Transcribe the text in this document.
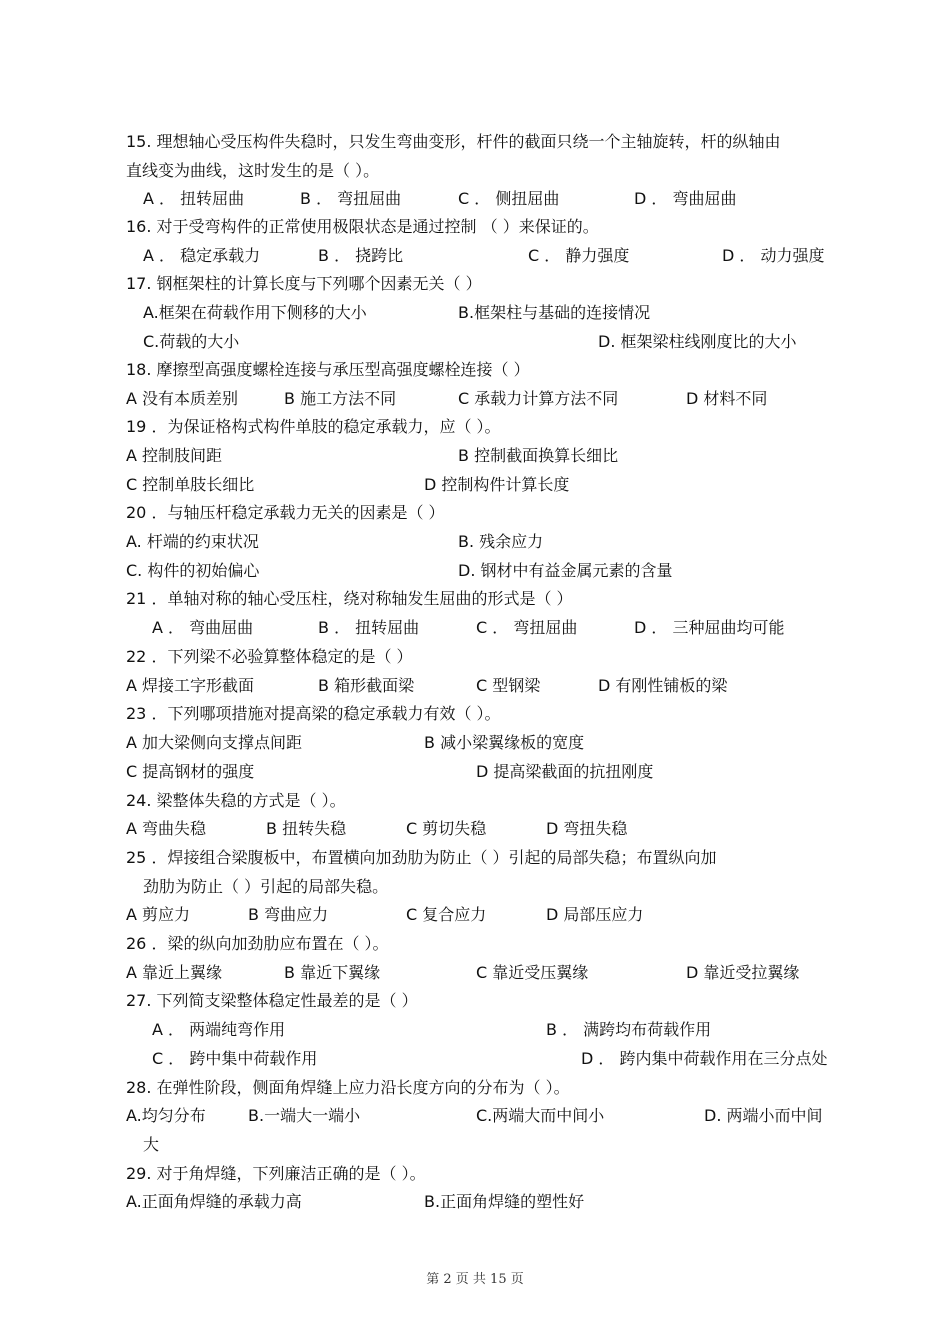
15. 理想轴心受压构件失稳时，只发生弯曲变形，杆件的截面只绕一个主轴旋转，杆的纵轴由
直线变为曲线，这时发生的是（ ）。
A ． 扭转屈曲	B ． 弯扭屈曲	C ． 侧扭屈曲	D ． 弯曲屈曲
16. 对于受弯构件的正常使用极限状态是通过控制 （ ）来保证的。
A ． 稳定承载力	B ． 挠跨比	C ． 静力强度	D ． 动力强度
17. 钢框架柱的计算长度与下列哪个因素无关（ ）
A.框架在荷载作用下侧移的大小	B.框架柱与基础的连接情况
C.荷载的大小	D. 框架梁柱线刚度比的大小
18. 摩擦型高强度螺栓连接与承压型高强度螺栓连接（ ）
A 没有本质差别	B 施工方法不同	C 承载力计算方法不同	D 材料不同
19 ．为保证格构式构件单肢的稳定承载力，应（ ）。
A 控制肢间距	B 控制截面换算长细比
C 控制单肢长细比	D 控制构件计算长度
20 ．与轴压杆稳定承载力无关的因素是（ ）
A. 杆端的约束状况	B. 残余应力
C. 构件的初始偏心	D. 钢材中有益金属元素的含量
21 ．单轴对称的轴心受压柱，绕对称轴发生屈曲的形式是（ ）
A ． 弯曲屈曲	B ． 扭转屈曲	C ． 弯扭屈曲	D ． 三种屈曲均可能
22 ．下列梁不必验算整体稳定的是（ ）
A 焊接工字形截面	B 箱形截面梁	C 型钢梁	D 有刚性铺板的梁
23 ．下列哪项措施对提高梁的稳定承载力有效（ ）。
A 加大梁侧向支撑点间距	B 减小梁翼缘板的宽度
C 提高钢材的强度	D 提高梁截面的抗扭刚度
24. 梁整体失稳的方式是（ ）。
A 弯曲失稳	B 扭转失稳	C 剪切失稳	D 弯扭失稳
25 ．焊接组合梁腹板中，布置横向加劲肋为防止（ ）引起的局部失稳；布置纵向加
劲肋为防止（ ）引起的局部失稳。
A 剪应力	B 弯曲应力	C 复合应力	D 局部压应力
26 ．梁的纵向加劲肋应布置在（ ）。
A 靠近上翼缘	B 靠近下翼缘	C 靠近受压翼缘	D 靠近受拉翼缘
27. 下列简支梁整体稳定性最差的是（ ）
A ． 两端纯弯作用	B ． 满跨均布荷载作用
C ． 跨中集中荷载作用	D ． 跨内集中荷载作用在三分点处
28. 在弹性阶段，侧面角焊缝上应力沿长度方向的分布为（ ）。
A.均匀分布	B.一端大一端小	C.两端大而中间小	D. 两端小而中间
大
29. 对于角焊缝，下列廉洁正确的是（ ）。
A.正面角焊缝的承载力高	B.正面角焊缝的塑性好
第 2 页 共 15 页
